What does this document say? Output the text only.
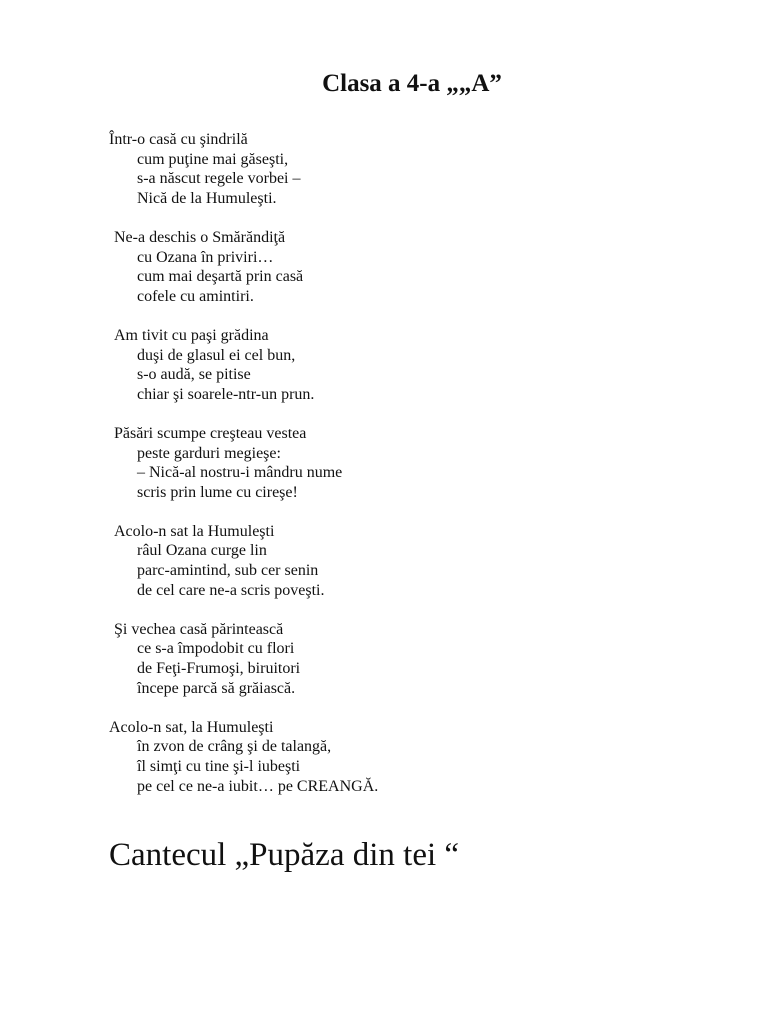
Clasa a 4-a „„A”
Într-o casă cu şindrilă
cum puţine mai găseşti,
s-a născut regele vorbei –
Nică de la Humuleşti.
Ne-a deschis o Smărăndiţă
cu Ozana în priviri…
cum mai deşartă prin casă
cofele cu amintiri.
Am tivit cu paşi grădina
duşi de glasul ei cel bun,
s-o audă, se pitise
chiar şi soarele-ntr-un prun.
Păsări scumpe creşteau vestea
peste garduri megieşe:
– Nică-al nostru-i mândru nume
scris prin lume cu cireşe!
Acolo-n sat la Humuleşti
râul Ozana curge lin
parc-amintind, sub cer senin
de cel care ne-a scris poveşti.
Şi vechea casă părintească
ce s-a împodobit cu flori
de Feţi-Frumoşi, biruitori
începe parcă să grăiască.
Acolo-n sat, la Humuleşti
în zvon de crâng şi de talangă,
îl simţi cu tine şi-l iubeşti
pe cel ce ne-a iubit… pe CREANGĂ.
Cantecul „Pupăza din tei “
